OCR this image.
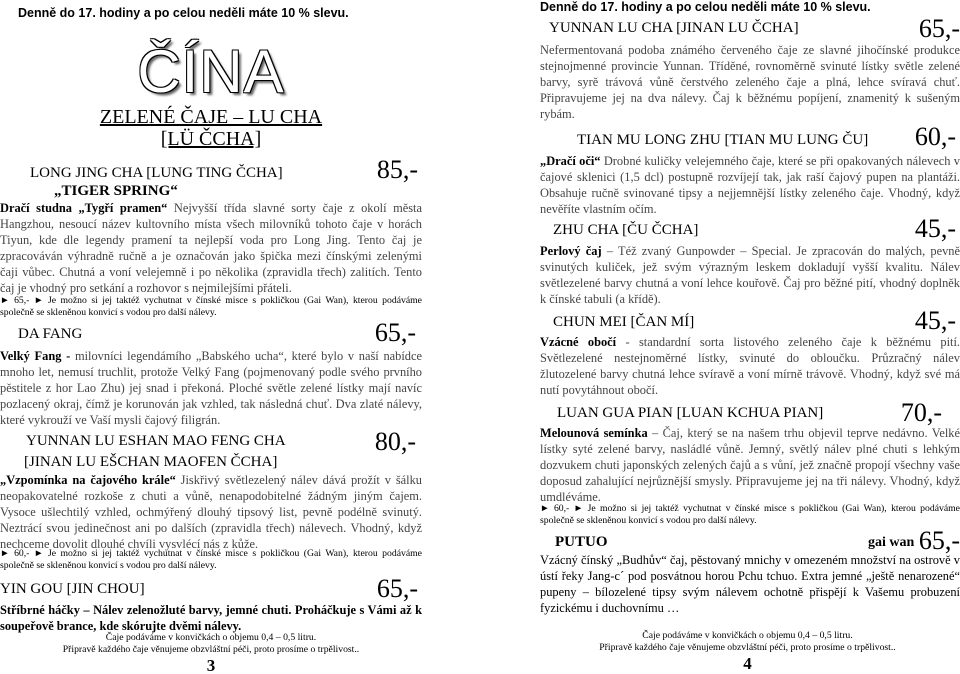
Denně do 17. hodiny a po celou neděli máte 10 % slevu.
ČÍNA
ZELENÉ ČAJE – LU CHA
[LÜ ČCHA]
LONG JING CHA [LUNG TING ČCHA]	85,-
„TIGER SPRING“
Dračí studna „Tygří pramen“ Nejvyšší třída slavné sorty čaje z okolí města Hangzhou, nesoucí název kultovního místa všech milovníků tohoto čaje v horách Tiyun, kde dle legendy pramení ta nejlepší voda pro Long Jing. Tento čaj je zpracováván výhradně ručně a je označován jako špička mezi čínskými zelenými čaji vůbec. Chutná a voní velejemně i po několika (zpravidla třech) zalitích. Tento čaj je vhodný pro setkání a rozhovor s nejmilejšími přáteli.
► 65,- ► Je možno si jej taktéž vychutnat v čínské misce s pokličkou (Gai Wan), kterou podáváme společně se skleněnou konvicí s vodou pro další nálevy.
DA FANG	65,-
Velký Fang - milovníci legendámího „Babského ucha“, které bylo v naší nabídce mnoho let, nemusí truchlit, protože Velký Fang (pojmenovaný podle svého prvního pěstitele z hor Lao Zhu) jej snad i překoná. Ploché světle zelené lístky mají navíc pozlacený okraj, čímž je korunován jak vzhled, tak následná chuť. Dva zlaté nálevy, které vykrouží ve Vaší mysli čajový filigrán.
YUNNAN LU ESHAN MAO FENG CHA	80,-
[JINAN LU EŠCHAN MAOFEN ČCHA]
„Vzpomínka na čajového krále“ Jiskřivý světlezelený nálev dává prožít v šálku neopakovatelné rozkoše z chuti a vůně, nenapodobitelné žádným jiným čajem. Vysoce ušlechtilý vzhled, ochmýřený dlouhý tipsový list, pevně podélně svinutý. Neztrácí svou jedinečnost ani po dalších (zpravidla třech) nálevech. Vhodný, když nechceme dovolit dlouhé chvíli vysvlécí nás z kůže.
► 60,- ► Je možno si jej taktéž vychutnat v čínské misce s pokličkou (Gai Wan), kterou podáváme společně se skleněnou konvicí s vodou pro další nálevy.
YIN GOU [JIN CHOU]	65,-
Stříbrné háčky – Nálev zelenožluté barvy, jemné chuti. Proháčkuje s Vámi až k soupeřově brance, kde skórujte dvěmi nálevy.
Čaje podáváme v konvičkách o objemu 0,4 – 0,5 litru.
Připravě každého čaje věnujeme obzvláštní péči, proto prosíme o trpělivost..
3
Denně do 17. hodiny a po celou neděli máte 10 % slevu.
YUNNAN LU CHA [JINAN LU ČCHA]	65,-
Nefermentovaná podoba známého červeného čaje ze slavné jihočínské produkce stejnojmenné provincie Yunnan. Tříděné, rovnoměrně svinuté lístky světle zelené barvy, syrě trávová vůně čerstvého zeleného čaje a plná, lehce svíravá chuť. Připravujeme jej na dva nálevy. Čaj k běžnému popíjení, znamenitý k sušeným rybám.
TIAN MU LONG ZHU [TIAN MU LUNG ČU] 60,-
„Dračí oči“ Drobné kuličky velejemného čaje, které se při opakovaných nálevech v čajové sklenici (1,5 dcl) postupně rozvíjejí tak, jak raší čajový pupen na plantáži. Obsahuje ručně svinované tipsy a nejjemnější lístky zeleného čaje. Vhodný, když nevěříte vlastním očím.
ZHU CHA [ČU ČCHA]	45,-
Perlový čaj – Též zvaný Gunpowder – Special. Je zpracován do malých, pevně svinutých kuliček, jež svým výrazným leskem dokladují vyšší kvalitu. Nálev světlezelené barvy chutná a voní lehce kouřově. Čaj pro běžné pití, vhodný doplněk k čínské tabuli (a křídě).
CHUN MEI [ČAN MÍ]	45,-
Vzácné obočí - standardní sorta listového zeleného čaje k běžnému pití. Světlezelené nestejnoměrné lístky, svinuté do obloučku. Průzračný nálev žlutozelené barvy chutná lehce svíravě a voní mírně trávově. Vhodný, když své má nutí povytáhnout obočí.
LUAN GUA PIAN [LUAN KCHUA PIAN]	70,-
Melounová semínka – Čaj, který se na našem trhu objevil teprve nedávno. Velké lístky syté zelené barvy, nasládlé vůně. Jemný, světlý nálev plné chuti s lehkým dozvukem chuti japonských zelených čajů a s vůní, jež značně propojí všechny vaše doposud zahalující nejrůznější smysly. Připravujeme jej na tři nálevy. Vhodný, když umdléváme.
► 60,- ► Je možno si jej taktéž vychutnat v čínské misce s pokličkou (Gai Wan), kterou podáváme společně se skleněnou konvicí s vodou pro další nálevy.
PUTUO	gai wan 65,-
Vzácný čínský „Budhův“ čaj, pěstovaný mnichy v omezeném množství na ostrově v ústí řeky Jang-c´ pod posvátnou horou Pchu tchuo. Extra jemné „ještě nenarozené“ pupeny – bílozelené tipsy svým nálevem ochotně přispějí k Vašemu probuzení fyzickému i duchovnímu …
Čaje podáváme v konvičkách o objemu 0,4 – 0,5 litru.
Připravě každého čaje věnujeme obzvláštní péči, proto prosíme o trpělivost..
4
